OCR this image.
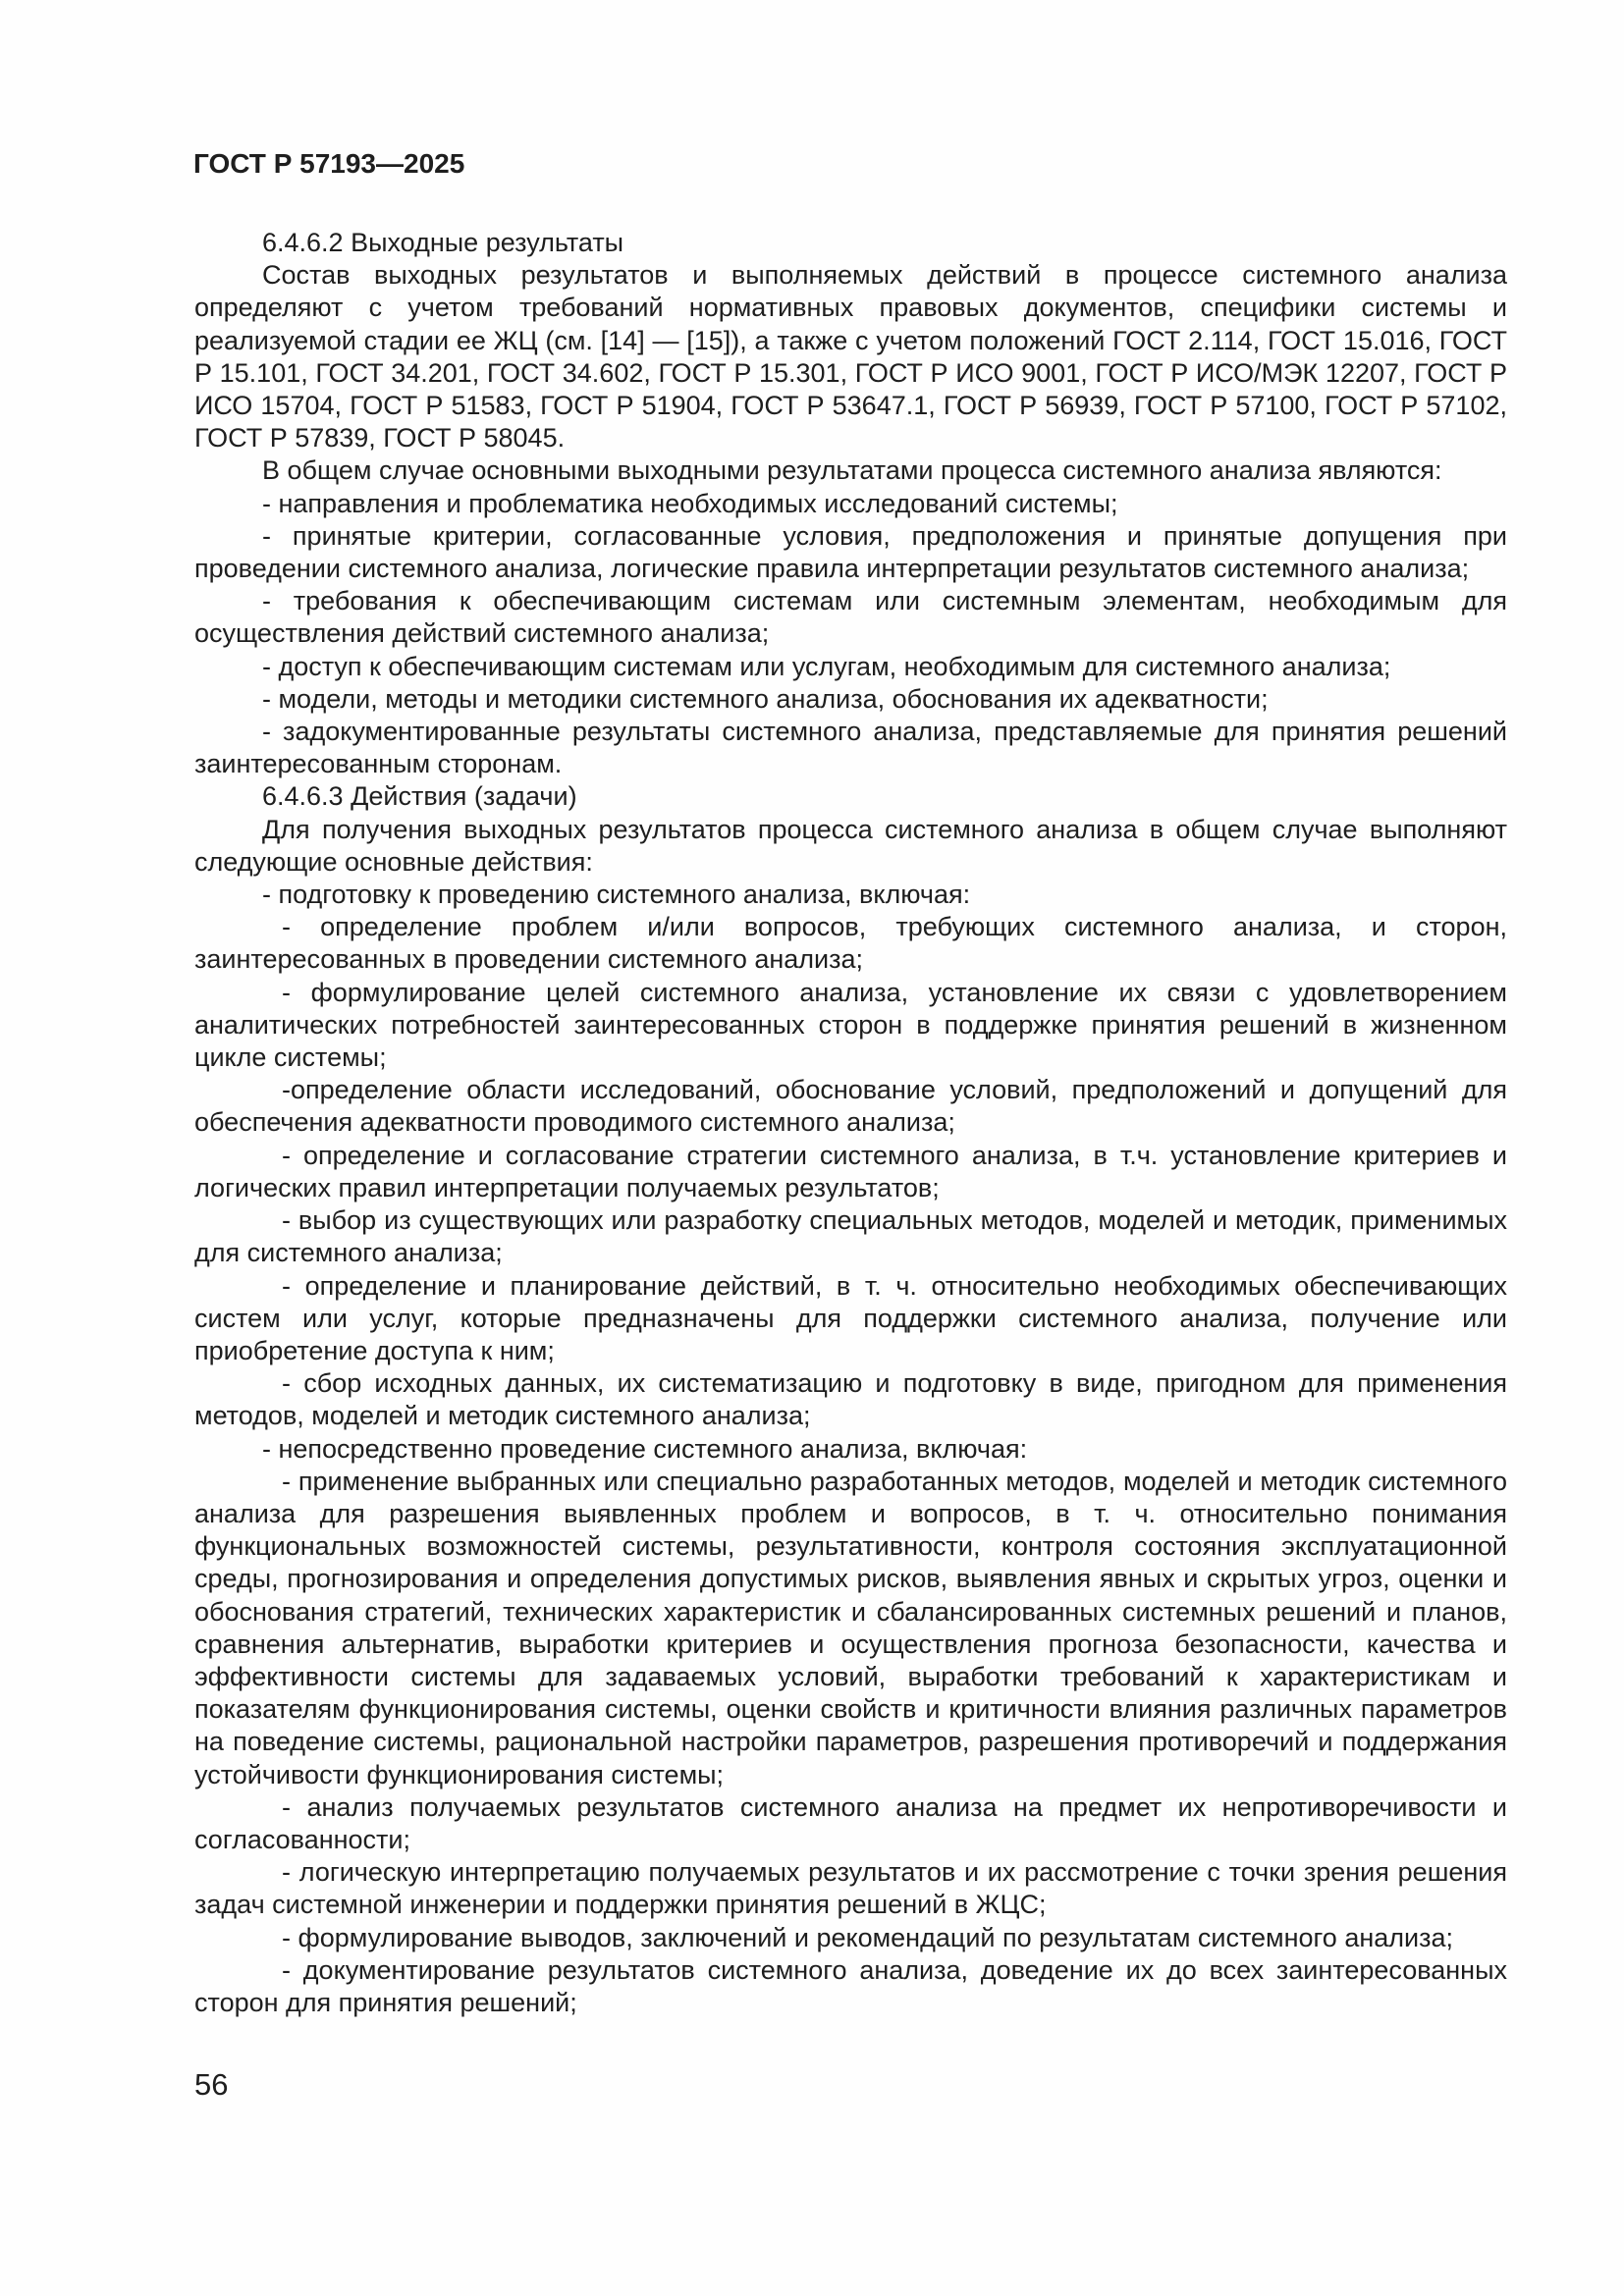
ГОСТ Р 57193—2025

6.4.6.2 Выходные результаты

Состав выходных результатов и выполняемых действий в процессе системного анализа определяют с учетом требований нормативных правовых документов, специфики системы и реализуемой стадии ее ЖЦ (см. [14] — [15]), а также с учетом положений ГОСТ 2.114, ГОСТ 15.016, ГОСТ Р 15.101, ГОСТ 34.201, ГОСТ 34.602, ГОСТ Р 15.301, ГОСТ Р ИСО 9001, ГОСТ Р ИСО/МЭК 12207, ГОСТ Р ИСО 15704, ГОСТ Р 51583, ГОСТ Р 51904, ГОСТ Р 53647.1, ГОСТ Р 56939, ГОСТ Р 57100, ГОСТ Р 57102, ГОСТ Р 57839, ГОСТ Р 58045.

В общем случае основными выходными результатами процесса системного анализа являются:

- направления и проблематика необходимых исследований системы;

- принятые критерии, согласованные условия, предположения и принятые допущения при проведении системного анализа, логические правила интерпретации результатов системного анализа;

- требования к обеспечивающим системам или системным элементам, необходимым для осуществления действий системного анализа;

- доступ к обеспечивающим системам или услугам, необходимым для системного анализа;

- модели, методы и методики системного анализа, обоснования их адекватности;

- задокументированные результаты системного анализа, представляемые для принятия решений заинтересованным сторонам.

6.4.6.3 Действия (задачи)

Для получения выходных результатов процесса системного анализа в общем случае выполняют следующие основные действия:

- подготовку к проведению системного анализа, включая:

- определение проблем и/или вопросов, требующих системного анализа, и сторон, заинтересованных в проведении системного анализа;

- формулирование целей системного анализа, установление их связи с удовлетворением аналитических потребностей заинтересованных сторон в поддержке принятия решений в жизненном цикле системы;

-определение области исследований, обоснование условий, предположений и допущений для обеспечения адекватности проводимого системного анализа;

- определение и согласование стратегии системного анализа, в т.ч. установление критериев и логических правил интерпретации получаемых результатов;

- выбор из существующих или разработку специальных методов, моделей и методик, применимых для системного анализа;

- определение и планирование действий, в т. ч. относительно необходимых обеспечивающих систем или услуг, которые предназначены для поддержки системного анализа, получение или приобретение доступа к ним;

- сбор исходных данных, их систематизацию и подготовку в виде, пригодном для применения методов, моделей и методик системного анализа;

- непосредственно проведение системного анализа, включая:

- применение выбранных или специально разработанных методов, моделей и методик системного анализа для разрешения выявленных проблем и вопросов, в т. ч. относительно понимания функциональных возможностей системы, результативности, контроля состояния эксплуатационной среды, прогнозирования и определения допустимых рисков, выявления явных и скрытых угроз, оценки и обоснования стратегий, технических характеристик и сбалансированных системных решений и планов, сравнения альтернатив, выработки критериев и осуществления прогноза безопасности, качества и эффективности системы для задаваемых условий, выработки требований к характеристикам и показателям функционирования системы, оценки свойств и критичности влияния различных параметров на поведение системы, рациональной настройки параметров, разрешения противоречий и поддержания устойчивости функционирования системы;

- анализ получаемых результатов системного анализа на предмет их непротиворечивости и согласованности;

- логическую интерпретацию получаемых результатов и их рассмотрение с точки зрения решения задач системной инженерии и поддержки принятия решений в ЖЦС;

- формулирование выводов, заключений и рекомендаций по результатам системного анализа;

- документирование результатов системного анализа, доведение их до всех заинтересованных сторон для принятия решений;

56
